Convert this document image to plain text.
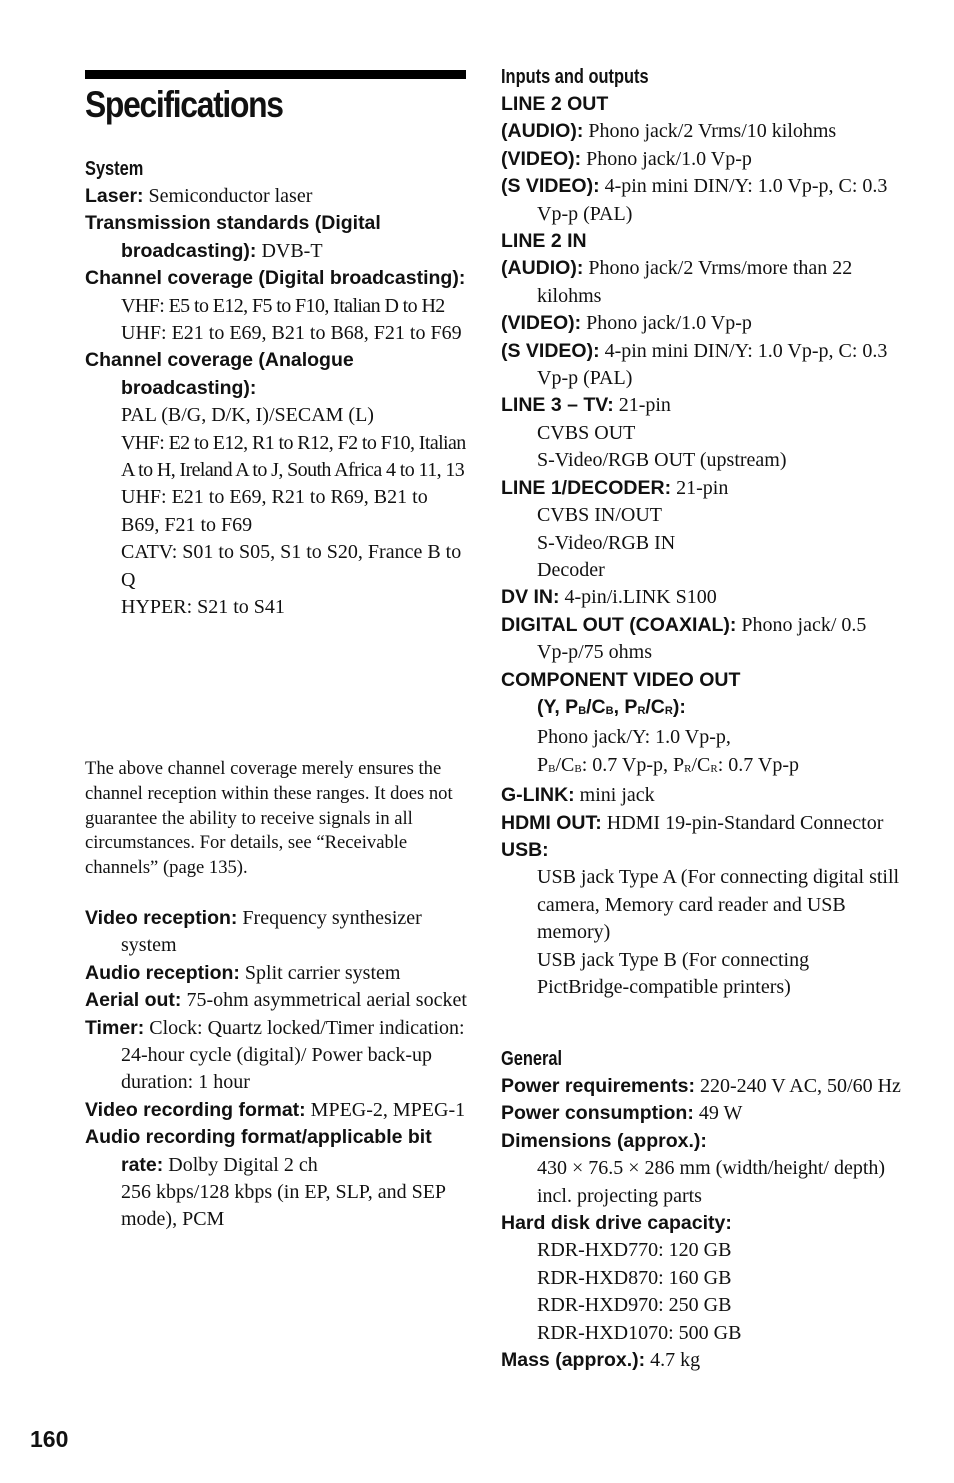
Specifications
System
Laser: Semiconductor laser
Transmission standards (Digital broadcasting): DVB-T
Channel coverage (Digital broadcasting):
VHF: E5 to E12, F5 to F10, Italian D to H2
UHF: E21 to E69, B21 to B68, F21 to F69
Channel coverage (Analogue broadcasting):
PAL (B/G, D/K, I)/SECAM (L)
VHF: E2 to E12, R1 to R12, F2 to F10, Italian A to H, Ireland A to J, South Africa 4 to 11, 13
UHF: E21 to E69, R21 to R69, B21 to B69, F21 to F69
CATV: S01 to S05, S1 to S20, France B to Q
HYPER: S21 to S41

The above channel coverage merely ensures the channel reception within these ranges. It does not guarantee the ability to receive signals in all circumstances. For details, see “Receivable channels” (page 135).

Video reception: Frequency synthesizer system
Audio reception: Split carrier system
Aerial out: 75-ohm asymmetrical aerial socket
Timer: Clock: Quartz locked/Timer indication: 24-hour cycle (digital)/ Power back-up duration: 1 hour
Video recording format: MPEG-2, MPEG-1
Audio recording format/applicable bit rate: Dolby Digital 2 ch
256 kbps/128 kbps (in EP, SLP, and SEP mode), PCM
Inputs and outputs
LINE 2 OUT
(AUDIO): Phono jack/2 Vrms/10 kilohms
(VIDEO): Phono jack/1.0 Vp-p
(S VIDEO): 4-pin mini DIN/Y: 1.0 Vp-p, C: 0.3 Vp-p (PAL)
LINE 2 IN
(AUDIO): Phono jack/2 Vrms/more than 22 kilohms
(VIDEO): Phono jack/1.0 Vp-p
(S VIDEO): 4-pin mini DIN/Y: 1.0 Vp-p, C: 0.3 Vp-p (PAL)
LINE 3 – TV: 21-pin
CVBS OUT
S-Video/RGB OUT (upstream)
LINE 1/DECODER: 21-pin
CVBS IN/OUT
S-Video/RGB IN
Decoder
DV IN: 4-pin/i.LINK S100
DIGITAL OUT (COAXIAL): Phono jack/ 0.5 Vp-p/75 ohms
COMPONENT VIDEO OUT
(Y, $P_B/C_B$, $P_R/C_R$):
Phono jack/Y: 1.0 Vp-p,
$P_B/C_B$: 0.7 Vp-p, $P_R/C_R$: 0.7 Vp-p
G-LINK: mini jack
HDMI OUT: HDMI 19-pin-Standard Connector
USB:
USB jack Type A (For connecting digital still camera, Memory card reader and USB memory)
USB jack Type B (For connecting PictBridge-compatible printers)
General
Power requirements: 220-240 V AC, 50/60 Hz
Power consumption: 49 W
Dimensions (approx.):
430 × 76.5 × 286 mm (width/height/ depth) incl. projecting parts
Hard disk drive capacity:
RDR-HXD770: 120 GB
RDR-HXD870: 160 GB
RDR-HXD970: 250 GB
RDR-HXD1070: 500 GB
Mass (approx.): 4.7 kg
160
